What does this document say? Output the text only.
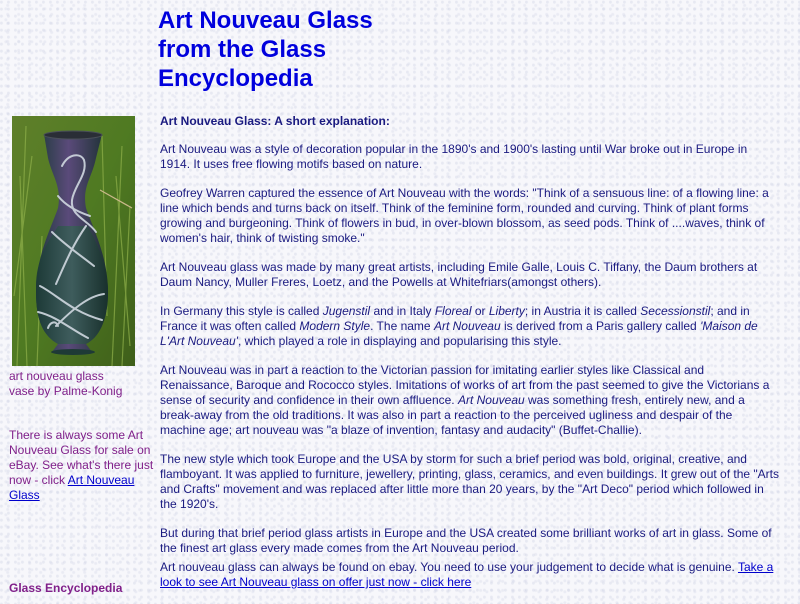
Art Nouveau Glass
from the Glass
Encyclopedia
art nouveau glass
vase by Palme-Konig
There is always some Art Nouveau Glass for sale on eBay. See what's there just now - click Art Nouveau Glass
Glass Encyclopedia
Art Nouveau Glass: A short explanation:

Art Nouveau was a style of decoration popular in the 1890's and 1900's lasting until War broke out in Europe in 1914. It uses free flowing motifs based on nature.

Geofrey Warren captured the essence of Art Nouveau with the words: "Think of a sensuous line: of a flowing line: a line which bends and turns back on itself. Think of the feminine form, rounded and curving. Think of plant forms growing and burgeoning. Think of flowers in bud, in over-blown blossom, as seed pods. Think of ....waves, think of women's hair, think of twisting smoke."

Art Nouveau glass was made by many great artists, including Emile Galle, Louis C. Tiffany, the Daum brothers at Daum Nancy, Muller Freres, Loetz, and the Powells at Whitefriars(amongst others).

In Germany this style is called Jugenstil and in Italy Floreal or Liberty; in Austria it is called Secessionstil; and in France it was often called Modern Style. The name Art Nouveau is derived from a Paris gallery called 'Maison de L'Art Nouveau', which played a role in displaying and popularising this style.

Art Nouveau was in part a reaction to the Victorian passion for imitating earlier styles like Classical and Renaissance, Baroque and Rococco styles. Imitations of works of art from the past seemed to give the Victorians a sense of security and confidence in their own affluence. Art Nouveau was something fresh, entirely new, and a break-away from the old traditions. It was also in part a reaction to the perceived ugliness and despair of the machine age; art nouveau was "a blaze of invention, fantasy and audacity" (Buffet-Challie).

The new style which took Europe and the USA by storm for such a brief period was bold, original, creative, and flamboyant. It was applied to furniture, jewellery, printing, glass, ceramics, and even buildings. It grew out of the "Arts and Crafts" movement and was replaced after little more than 20 years, by the "Art Deco" period which followed in the 1920's.

But during that brief period glass artists in Europe and the USA created some brilliant works of art in glass. Some of the finest art glass every made comes from the Art Nouveau period.

Art nouveau glass can always be found on ebay. You need to use your judgement to decide what is genuine. Take a look to see Art Nouveau glass on offer just now - click here
